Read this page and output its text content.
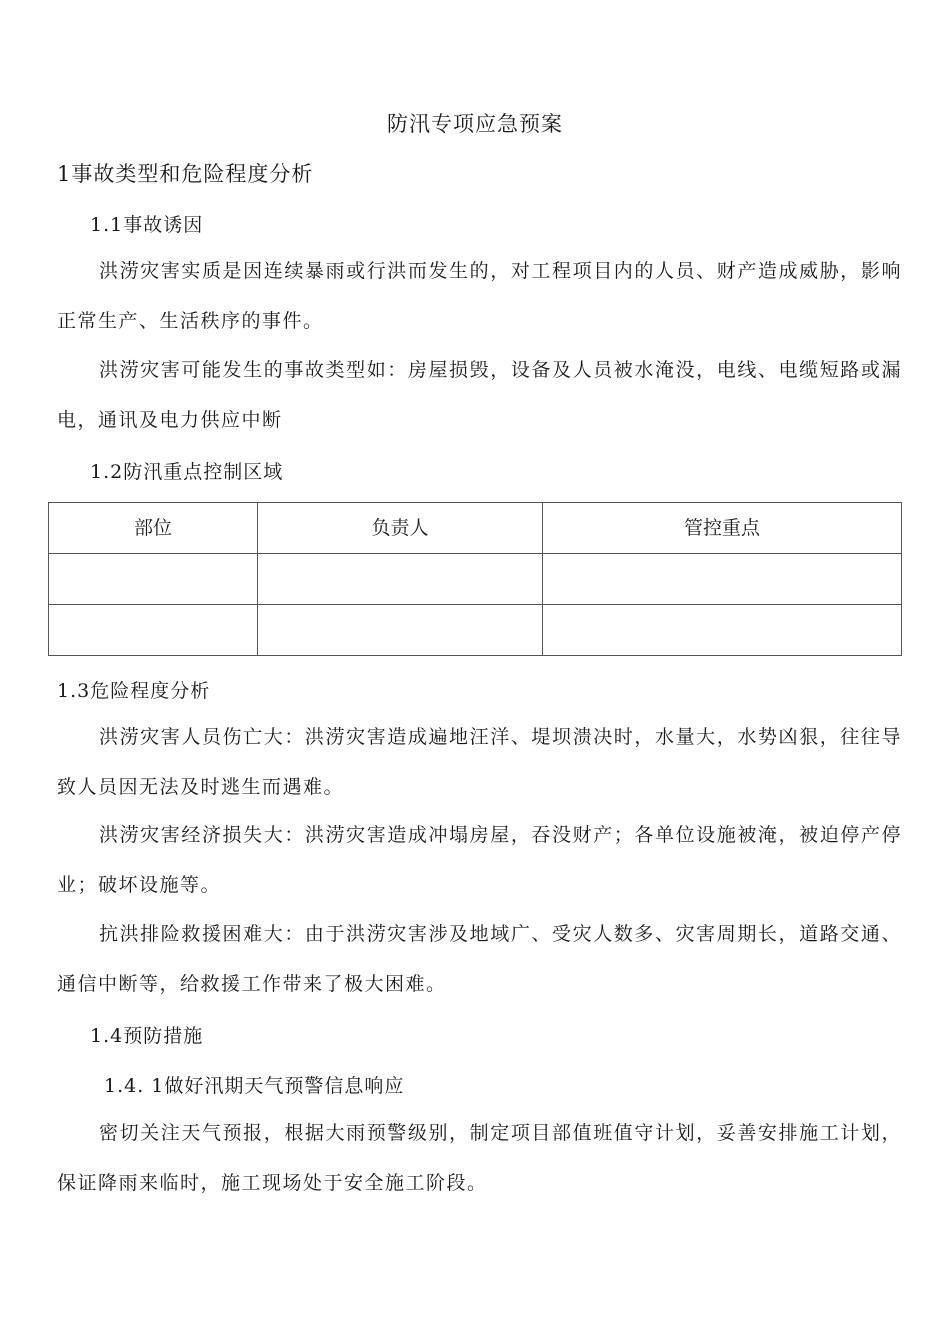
防汛专项应急预案
1事故类型和危险程度分析
1.1事故诱因
洪涝灾害实质是因连续暴雨或行洪而发生的，对工程项目内的人员、财产造成威胁，影响正常生产、生活秩序的事件。
洪涝灾害可能发生的事故类型如：房屋损毁，设备及人员被水淹没，电线、电缆短路或漏电，通讯及电力供应中断
1.2防汛重点控制区域
部位	负责人	管控重点

1.3危险程度分析
洪涝灾害人员伤亡大：洪涝灾害造成遍地汪洋、堤坝溃决时，水量大，水势凶狠，往往导致人员因无法及时逃生而遇难。
洪涝灾害经济损失大：洪涝灾害造成冲塌房屋，吞没财产；各单位设施被淹，被迫停产停业；破坏设施等。
抗洪排险救援困难大：由于洪涝灾害涉及地域广、受灾人数多、灾害周期长，道路交通、通信中断等，给救援工作带来了极大困难。
1.4预防措施
1.4. 1做好汛期天气预警信息响应
密切关注天气预报，根据大雨预警级别，制定项目部值班值守计划，妥善安排施工计划，保证降雨来临时，施工现场处于安全施工阶段。
